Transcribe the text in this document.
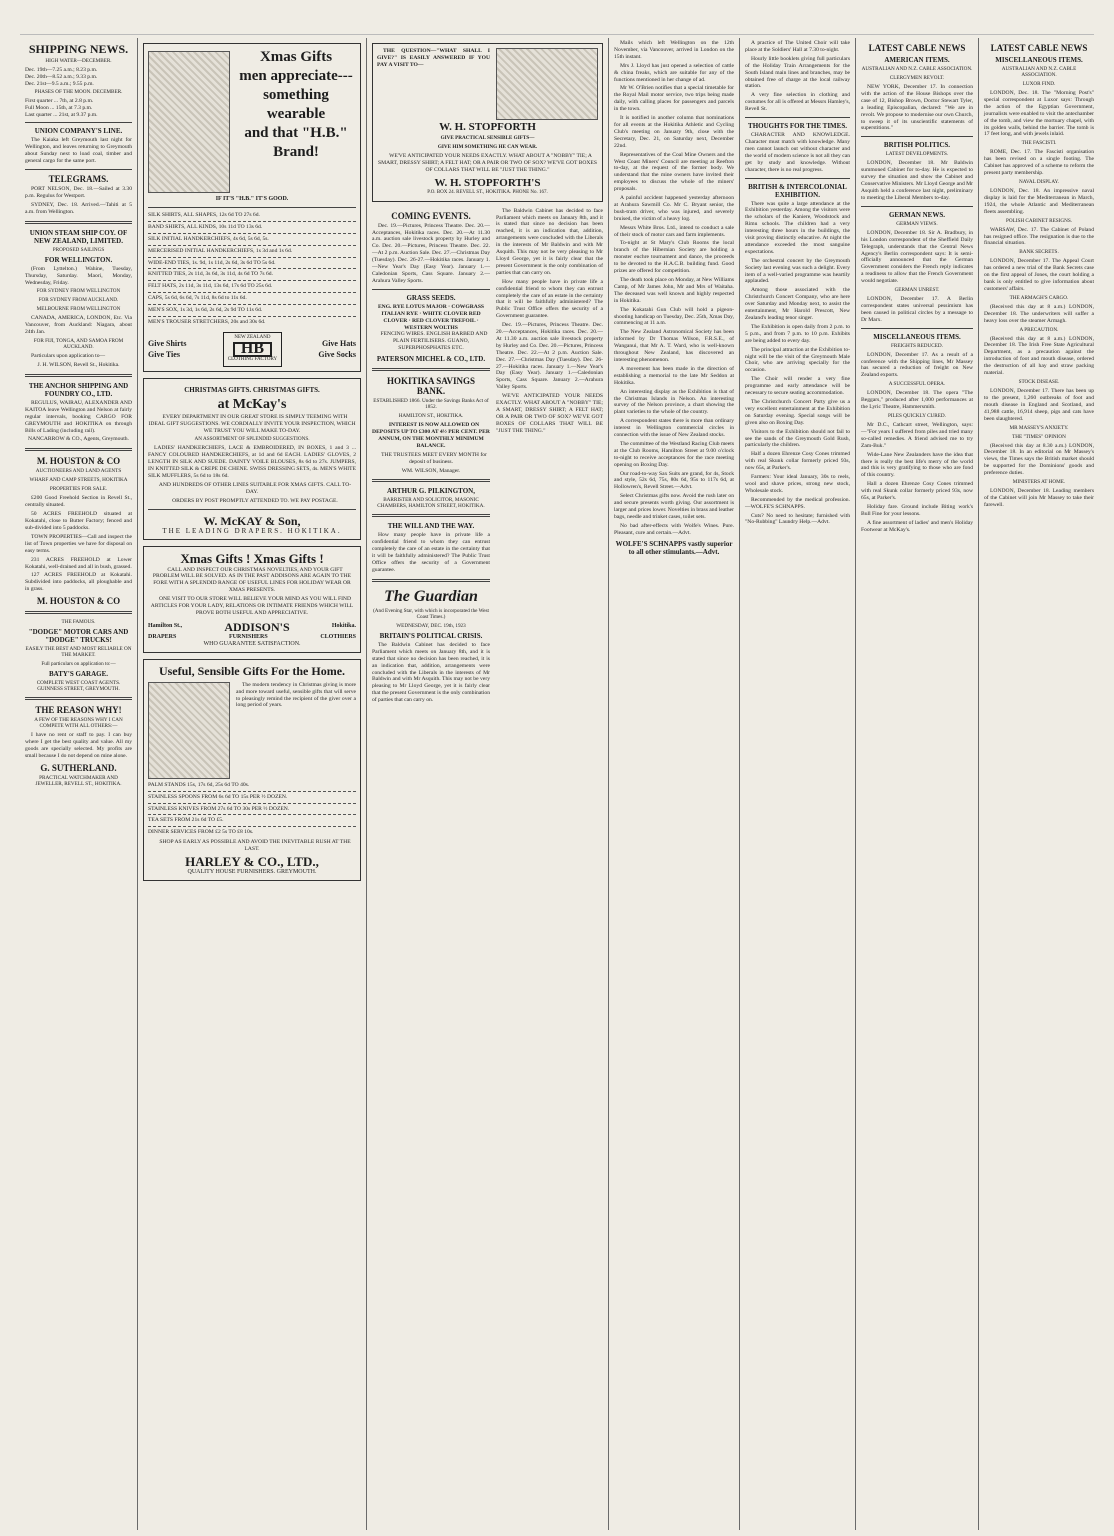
SHIPPING NEWS.
HIGH WATER—DECEMBER.
Dec. 19th—7.25 a.m.; 8.23 p.m.
Dec. 20th—8.52 a.m.; 9.33 p.m.
Dec. 21st—9.5 a.m.; 9.55 p.m.
PHASES OF THE MOON. DECEMBER.
First quarter ... 7th, at 2.8 p.m.
Full Moon ... 15th, at 7.3 p.m.
Last quarter ... 21st, at 9.37 p.m.
UNION COMPANY'S LINE.

The Kaiaka left Greymouth last night for Wellington, and leaves returning to Greymouth about Sunday next to load coal, timber and general cargo for the same port.

TELEGRAMS.

PORT NELSON, Dec. 18.—Sailed at 3.30 p.m. Regulus for Westport.

SYDNEY, Dec. 18. Arrived.—Tahiti at 5 a.m. from Wellington.

UNION STEAM SHIP COY. OF NEW ZEALAND, LIMITED.
PROPOSED SAILINGS
FOR WELLINGTON.

(From Lyttelton.) Wahine, Tuesday, Thursday, Saturday. Maori, Monday, Wednesday, Friday.

FOR SYDNEY FROM WELLINGTON
FOR SYDNEY FROM AUCKLAND.
MELBOURNE FROM WELLINGTON

CANADA, AMERICA, LONDON, Etc. Via Vancouver, from Auckland: Niagara, about 24th Jan.

FOR FIJI, TONGA, AND SAMOA FROM AUCKLAND.

Particulars upon application to—

J. H. WILSON, Revell St., Hokitika.
THE ANCHOR SHIPPING AND FOUNDRY CO., LTD.

REGULUS, WAIRAU, ALEXANDER AND KAITOA leave Wellington and Nelson at fairly regular intervals, booking CARGO FOR GREYMOUTH and HOKITIKA on through Bills of Lading (including rail).

NANCARROW & CO., Agents, Greymouth.
M. HOUSTON & CO
AUCTIONEERS AND LAND AGENTS
WHARF AND CAMP STREETS, HOKITIKA
PROPERTIES FOR SALE.

£200 Good Freehold Section in Revell St., centrally situated.

50 ACRES FREEHOLD situated at Kokatahi, close to Butter Factory; fenced and sub-divided into 5 paddocks.

TOWN PROPERTIES—Call and inspect the list of Town properties we have for disposal on easy terms.

231 ACRES FREEHOLD at Lower Kokatahi, well-drained and all in bush, grassed.

127 ACRES FREEHOLD at Kokatahi. Subdivided into paddocks, all ploughable and in grass.

M. HOUSTON & CO
THE FAMOUS.
"DODGE" MOTOR CARS AND "DODGE" TRUCKS!
EASILY THE BEST AND MOST RELIABLE ON THE MARKET.
Full particulars on application to:—
BATY'S GARAGE.
COMPLETE WEST COAST AGENTS. GUINNESS STREET, GREYMOUTH.
THE REASON WHY!
A FEW OF THE REASONS WHY I CAN COMPETE WITH ALL OTHERS:—

I have no rent or staff to pay. I can buy where I get the best quality and value. All my goods are specially selected. My profits are small because I do not depend on mine alone.

G. SUTHERLAND.
PRACTICAL WATCHMAKER AND JEWELLER, REVELL ST., HOKITIKA.
Xmas Gifts
men appreciate---
something wearable
and that "H.B." Brand!
IF IT'S "H.B." IT'S GOOD.
SILK SHIRTS, ALL SHAPES, 12s 6d TO 27s 6d.
BAND SHIRTS, ALL KINDS, 10s 11d TO 13s 6d.
SILK INITIAL HANDKERCHIEFS, 4s 6d, 5s 6d, 5s.
MERCERISED INITIAL HANDKERCHIEFS, 1s 3d and 1s 6d.
WIDE-END TIES, 1s. 9d, 1s 11d, 2s 6d, 3s 6d TO 5s 6d.
KNITTED TIES, 2s 11d, 3s 6d, 3s 11d, 4s 6d TO 7s 6d.
FELT HATS, 2s 11d, 3s 11d, 13s 6d, 17s 6d TO 25s 6d.
CAPS, 5s 6d, 6s 6d, 7s 11d, 8s 6d to 11s 6d.
MEN'S SOX, 1s 3d, 1s 6d, 2s 6d, 2s 9d TO 11s 6d.
MEN'S TROUSER STRETCHERS, 20s and 30s 6d.
Give Shirts
Give Ties
NEW ZEALAND
HB
CLOTHING FACTORY
Give Hats
Give Socks
CHRISTMAS GIFTS. CHRISTMAS GIFTS.
at McKay's

EVERY DEPARTMENT IN OUR GREAT STORE IS SIMPLY TEEMING WITH IDEAL GIFT SUGGESTIONS. WE CORDIALLY INVITE YOUR INSPECTION, WHICH WE TRUST YOU WILL MAKE TO-DAY.

AN ASSORTMENT OF SPLENDID SUGGESTIONS.

LADIES' HANDKERCHIEFS, LACE & EMBROIDERED, IN BOXES, 1 and 3 ... FANCY COLOURED HANDKERCHIEFS, at 1d and 6d EACH. LADIES' GLOVES, 2 LENGTH IN SILK AND SUEDE. DAINTY VOILE BLOUSES, 8s 6d to 27s. JUMPERS, IN KNITTED SILK & CREPE DE CHENE. SWISS DRESSING SETS, 4s. MEN'S WHITE SILK MUFFLERS, 5s 6d to 18s 6d.

AND HUNDREDS OF OTHER LINES SUITABLE FOR XMAS GIFTS. CALL TO-DAY.

ORDERS BY POST PROMPTLY ATTENDED TO. WE PAY POSTAGE.

W. McKAY & Son,
THE LEADING DRAPERS. HOKITIKA.
Xmas Gifts ! Xmas Gifts !

CALL AND INSPECT OUR CHRISTMAS NOVELTIES, AND YOUR GIFT PROBLEM WILL BE SOLVED. AS IN THE PAST ADDISONS ARE AGAIN TO THE FORE WITH A SPLENDID RANGE OF USEFUL LINES FOR HOLIDAY WEAR OR XMAS PRESENTS.

ONE VISIT TO OUR STORE WILL BELIEVE YOUR MIND AS YOU WILL FIND ARTICLES FOR YOUR LADY, RELATIONS OR INTIMATE FRIENDS WHICH WILL PROVE BOTH USEFUL AND APPRECIATIVE.

Hamilton St.,	ADDISON'S	Hokitika.
DRAPERS	FURNISHERS	CLOTHIERS
WHO GUARANTEE SATISFACTION.
Useful, Sensible Gifts For the Home.

The modern tendency in Christmas giving is more and more toward useful, sensible gifts that will serve to pleasingly remind the recipient of the giver over a long period of years.

PALM STANDS 15s, 17s 6d, 25s 6d TO 40s.
STAINLESS SPOONS FROM 6s 6d TO 15s PER ½ DOZEN.
STAINLESS KNIVES FROM 27s 6d TO 30s PER ½ DOZEN.
TEA SETS FROM 21s 6d TO £5.
DINNER SERVICES FROM £2 5s TO £8 10s.

SHOP AS EARLY AS POSSIBLE AND AVOID THE INEVITABLE RUSH AT THE LAST.

HARLEY & CO., LTD.,
QUALITY HOUSE FURNISHERS. GREYMOUTH.

THE QUESTION—"WHAT SHALL I GIVE?" IS EASILY ANSWERED IF YOU PAY A VISIT TO—

W. H. STOPFORTH
GIVE PRACTICAL SENSIBLE GIFTS—
GIVE HIM SOMETHING HE CAN WEAR.

WE'VE ANTICIPATED YOUR NEEDS EXACTLY. WHAT ABOUT A "NOBBY" TIE; A SMART, DRESSY SHIRT; A FELT HAT; OR A PAIR OR TWO OF SOX? WE'VE GOT BOXES OF COLLARS THAT WILL BE "JUST THE THING."

W. H. STOPFORTH'S
P.O. BOX 24. REVELL ST., HOKITIKA. PHONE No. 167.
COMING EVENTS.

Dec. 19.—Pictures, Princess Theatre. Dec. 20.—Acceptances, Hokitika races. Dec. 20.—At 11.30 a.m. auction sale livestock property by Hurley and Co. Dec. 20.—Pictures, Princess Theatre. Dec. 22.—At 2 p.m. Auction Sale. Dec. 27.—Christmas Day (Tuesday). Dec. 26-27.—Hokitika races. January 1.—New Year's Day (Easy Year). January 1.—Caledonian Sports, Cass Square. January 2.—Arahura Valley Sports.

GRASS SEEDS.
ENG. RYE LOTUS MAJOR · COWGRASS ITALIAN RYE · WHITE CLOVER RED CLOVER · RED CLOVER TREFOIL · WESTERN WOLTHS

FENCING WIRES. ENGLISH BARBED AND PLAIN FERTILISERS. GUANO, SUPERPHOSPHATES ETC.

PATERSON MICHEL & CO., LTD.
HOKITIKA SAVINGS BANK.
ESTABLISHED 1866. Under the Savings Banks Act of 1852.
HAMILTON ST., HOKITIKA.

INTEREST IS NOW ALLOWED ON DEPOSITS UP TO £300 AT 4½ PER CENT. PER ANNUM, ON THE MONTHLY MINIMUM BALANCE.

THE TRUSTEES MEET EVERY MONTH for deposit of business.

WM. WILSON, Manager.
ARTHUR G. PILKINGTON,
BARRISTER AND SOLICITOR, MASONIC CHAMBERS, HAMILTON STREET, HOKITIKA.
THE WILL AND THE WAY.

How many people have in private life a confidential friend to whom they can entrust completely the care of an estate in the certainty that it will be faithfully administered? The Public Trust Office offers the security of a Government guarantee.

The Guardian
(And Evening Star, with which is incorporated the West Coast Times.)
WEDNESDAY, DEC. 19th, 1923
BRITAIN'S POLITICAL CRISIS.

The Baldwin Cabinet has decided to face Parliament which meets on January 8th, and it is stated that since no decision has been reached, it is an indication that, addition, arrangements were concluded with the Liberals in the interests of Mr Baldwin and with Mr Asquith. This may not be very pleasing to Mr Lloyd George, yet it is fairly clear that the present Government is the only combination of parties that can carry on.

The Baldwin Cabinet has decided to face Parliament which meets on January 8th, and it is stated that since no decision has been reached, it is an indication that, addition, arrangements were concluded with the Liberals in the interests of Mr Baldwin and with Mr Asquith. This may not be very pleasing to Mr Lloyd George, yet it is fairly clear that the present Government is the only combination of parties that can carry on.

How many people have in private life a confidential friend to whom they can entrust completely the care of an estate in the certainty that it will be faithfully administered? The Public Trust Office offers the security of a Government guarantee.

Dec. 19.—Pictures, Princess Theatre. Dec. 20.—Acceptances, Hokitika races. Dec. 20.—At 11.30 a.m. auction sale livestock property by Hurley and Co. Dec. 20.—Pictures, Princess Theatre. Dec. 22.—At 2 p.m. Auction Sale. Dec. 27.—Christmas Day (Tuesday). Dec. 26-27.—Hokitika races. January 1.—New Year's Day (Easy Year). January 1.—Caledonian Sports, Cass Square. January 2.—Arahura Valley Sports.

WE'VE ANTICIPATED YOUR NEEDS EXACTLY. WHAT ABOUT A "NOBBY" TIE; A SMART, DRESSY SHIRT; A FELT HAT; OR A PAIR OR TWO OF SOX? WE'VE GOT BOXES OF COLLARS THAT WILL BE "JUST THE THING."

Mails which left Wellington on the 12th November, via Vancouver, arrived in London on the 15th instant.

Mrs J. Lloyd has just opened a selection of cattle & china freaks, which are suitable for any of the functions mentioned in her change of ad.

Mr W. O'Brien notifies that a special timetable for the Royal Mail motor service, two trips being made daily, with calling places for passengers and parcels in the town.

It is notified in another column that nominations for all events at the Hokitika Athletic and Cycling Club's meeting on January 9th, close with the Secretary, Dec. 21, on Saturday next, December 22nd.

Representatives of the Coal Mine Owners and the West Coast Miners' Council are meeting at Reefton to-day, at the request of the former body. We understand that the mine owners have invited their employees to discuss the whole of the miners' proposals.

A painful accident happened yesterday afternoon at Arahura Sawmill Co. Mr C. Bryant senior, the bush-tram driver, who was injured, and severely bruised, the victim of a heavy log.

Messrs White Bros. Ltd., intend to conduct a sale of their stock of motor cars and farm implements.

To-night at St Mary's Club Rooms the local branch of the Hibernian Society are holding a monster euchre tournament and dance, the proceeds to be devoted to the H.A.C.B. building fund. Good prizes are offered for competition.

The death took place on Monday, at New Williams Camp, of Mr James John, Mr and Mrs of Waitaha. The deceased was well known and highly respected in Hokitika.

The Kokatahi Gun Club will hold a pigeon-shooting handicap on Tuesday, Dec. 25th, Xmas Day, commencing at 11 a.m.

The New Zealand Astronomical Society has been informed by Dr Thomas Wilson, F.R.S.E., of Wanganui, that Mr A. T. Ward, who is well-known throughout New Zealand, has discovered an interesting phenomenon.

A movement has been made in the direction of establishing a memorial to the late Mr Seddon at Hokitika.

An interesting display as the Exhibition is that of the Christmas Islands in Nelson. An interesting survey of the Nelson province, a chart showing the plant varieties to the whole of the country.

A correspondent states there is more than ordinary interest in Wellington commercial circles in connection with the issue of New Zealand stocks.

The committee of the Westland Racing Club meets at the Club Rooms, Hamilton Street at 9.00 o'clock to-night to receive acceptances for the race meeting opening on Boxing Day.

Our road-to-way Sax Suits are grand, for 4s, Stock and style, 52s 6d, 75s, 80s 6d, 95s to 117s 6d, at Hollowren's, Revell Street.—Advt.

Select Christmas gifts now. Avoid the rush later on and secure presents worth giving. Our assortment is larger and prices lower. Novelties in brass and leather bags, needle and trinket cases, toilet sets.

No bad after-effects with Wolfe's Wines. Pure. Pleasant, cure and certain.—Advt.

WOLFE'S SCHNAPPS vastly superior to all other stimulants.—Advt.

A practice of The United Choir will take place at the Soldiers' Hall at 7.30 to-night.

Hourly little booklets giving full particulars of the Holiday Train Arrangements for the South Island main lines and branches, may be obtained free of charge at the local railway station.

A very fine selection in clothing and costumes for all is offered at Messrs Hamley's, Revell St.

THOUGHTS FOR THE TIMES.

CHARACTER AND KNOWLEDGE. Character must match with knowledge. Many men cannot launch out without character and the world of modern science is not all they can get by study and knowledge. Without character, there is no real progress.

BRITISH & INTERCOLONIAL EXHIBITION.

There was quite a large attendance at the Exhibition yesterday. Among the visitors were the scholars of the Kaniere, Woodstock and Rimu schools. The children had a very interesting three hours in the buildings, the visit proving distinctly educative. At night the attendance exceeded the most sanguine expectations.

The orchestral concert by the Greymouth Society last evening was such a delight. Every item of a well-varied programme was heartily applauded.

Among those associated with the Christchurch Concert Company, who are here over Saturday and Monday next, to assist the entertainment, Mr Harold Prescott, New Zealand's leading tenor singer.

The Exhibition is open daily from 2 p.m. to 5 p.m., and from 7 p.m. to 10 p.m. Exhibits are being added to every day.

The principal attraction at the Exhibition to-night will be the visit of the Greymouth Male Choir, who are arriving specially for the occasion.

The Choir will render a very fine programme and early attendance will be necessary to secure seating accommodation.

The Christchurch Concert Party give us a very excellent entertainment at the Exhibition on Saturday evening. Special songs will be given also on Boxing Day.

Visitors to the Exhibition should not fail to see the sands of the Greymouth Gold Rush, particularly the children.

Half a dozen Ehrenze Cosy Cones trimmed with real Skunk collar formerly priced 93s, now 65s, at Parker's.

Farmers: Your ideal January, 30s to reels, wool and shave prices, strong new stock, Wholesale stock.

Recommended by the medical profession.—WOLFE'S SCHNAPPS.

Cuts? No need to hesitate; furnished with "No-Rubbing" Laundry Help.—Advt.

LATEST CABLE NEWS
AMERICAN ITEMS.
AUSTRALIAN AND N.Z. CABLE ASSOCIATION.
CLERGYMEN REVOLT.

NEW YORK, December 17. In connection with the action of the House Bishops over the case of 12, Bishop Brown, Doctor Stewart Tyler, a leading Episcopalian, declared: "We are in revolt. We propose to modernise our own Church, to sweep it of its unscientific statements of superstitions."

BRITISH POLITICS.
LATEST DEVELOPMENTS.

LONDON, December 18. Mr Baldwin summoned Cabinet for to-day. He is expected to survey the situation and show the Cabinet and Conservative Ministers. Mr Lloyd George and Mr Asquith held a conference last night, preliminary to meeting the Liberal Members to-day.

GERMAN NEWS.
GERMAN VIEWS.

LONDON, December 18. Sir A. Bradbury, in his London correspondent of the Sheffield Daily Telegraph, understands that the Central News Agency's Berlin correspondent says: It is semi-officially announced that the German Government considers the French reply indicates a readiness to allow that the French Government would negotiate.

GERMAN UNREST.

LONDON, December 17. A Berlin correspondent states universal pessimism has been caused in political circles by a message to Dr Marx.

MISCELLANEOUS ITEMS.
FREIGHTS REDUCED.

LONDON, December 17. As a result of a conference with the Shipping lines, Mr Massey has secured a reduction of freight on New Zealand exports.

A SUCCESSFUL OPERA.

LONDON, December 18. The opera "The Beggars," produced after 1,000 performances at the Lyric Theatre, Hammersmith.

PILES QUICKLY CURED.

Mr D.C., Cathcart street, Wellington, says:—"For years I suffered from piles and tried many so-called remedies. A friend advised me to try Zam-Buk."

Wide-Lane New Zealanders have the idea that there is really the best life's merry of the world and this is very gratifying to those who are fond of this country.

Hall a dozen Ehrenze Cosy Cones trimmed with real Skunk collar formerly priced 93s, now 65s, at Parker's.

Holiday fare. Ground include Biting work's Bull Fine for your lessons.

A fine assortment of ladies' and men's Holiday Footwear at McKay's.

LATEST CABLE NEWS
MISCELLANEOUS ITEMS.
AUSTRALIAN AND N.Z. CABLE ASSOCIATION.
LUXOR FIND.

LONDON, Dec. 18. The "Morning Post's" special correspondent at Luxor says: Through the action of the Egyptian Government, journalists were enabled to visit the antechamber of the tomb, and view the mortuary chapel, with its golden walls, behind the barrier. The tomb is 17 feet long, and with jewels inlaid.

THE FASCISTI.

ROME, Dec. 17. The Fascisti organisation has been revised on a single footing. The Cabinet has approved of a scheme to reform the present party membership.

NAVAL DISPLAY.

LONDON, Dec. 18. An impressive naval display is laid for the Mediterranean in March, 1924, the whole Atlantic and Mediterranean fleets assembling.

POLISH CABINET RESIGNS.

WARSAW, Dec. 17. The Cabinet of Poland has resigned office. The resignation is due to the financial situation.

BANK SECRETS.

LONDON, December 17. The Appeal Court has ordered a new trial of the Bank Secrets case on the first appeal of Jones, the court holding a bank is only entitled to give information about customers' affairs.

THE ARMAGH'S CARGO.

(Received this day at 8 a.m.) LONDON, December 18. The underwriters will suffer a heavy loss over the steamer Armagh.

A PRECAUTION.

(Received this day at 8 a.m.) LONDON, December 18. The Irish Free State Agricultural Department, as a precaution against the introduction of foot and mouth disease, ordered the destruction of all hay and straw packing material.

STOCK DISEASE.

LONDON, December 17. There has been up to the present, 1,260 outbreaks of foot and mouth disease in England and Scotland, and 41,988 cattle, 16,914 sheep, pigs and cats have been slaughtered.

MR MASSEY'S ANXIETY.
THE "TIMES" OPINION

(Received this day at 8.30 a.m.) LONDON, December 18. In an editorial on Mr Massey's views, the Times says the British market should be supported for the Dominions' goods and preference duties.

MINISTERS AT HOME.

LONDON, December 18. Leading members of the Cabinet will join Mr Massey to take their farewell.
